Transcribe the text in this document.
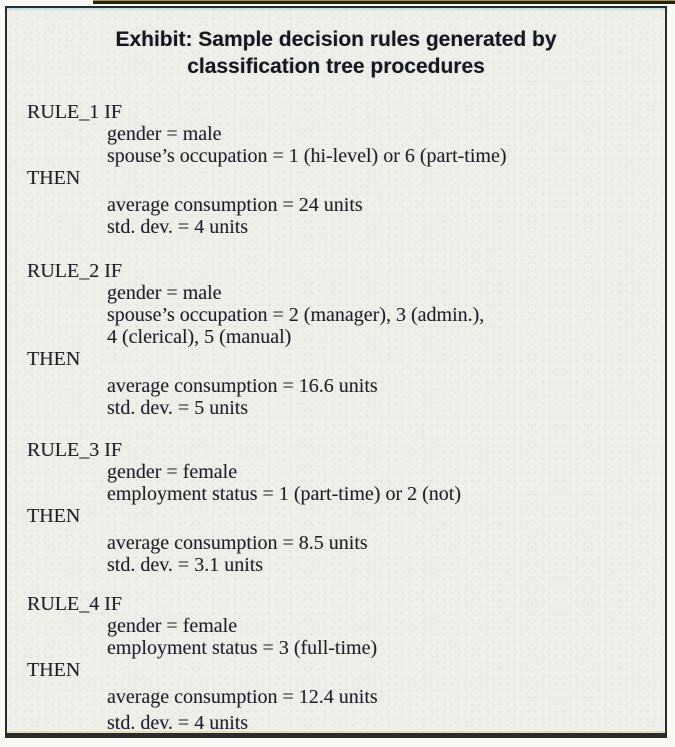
Exhibit: Sample decision rules generated by
classification tree procedures
RULE_1 IF
gender = male
spouse’s occupation = 1 (hi-level) or 6 (part-time)
THEN
average consumption = 24 units
std. dev. = 4 units
RULE_2 IF
gender = male
spouse’s occupation = 2 (manager), 3 (admin.),
4 (clerical), 5 (manual)
THEN
average consumption = 16.6 units
std. dev. = 5 units
RULE_3 IF
gender = female
employment status = 1 (part-time) or 2 (not)
THEN
average consumption = 8.5 units
std. dev. = 3.1 units
RULE_4 IF
gender = female
employment status = 3 (full-time)
THEN
average consumption = 12.4 units
std. dev. = 4 units
